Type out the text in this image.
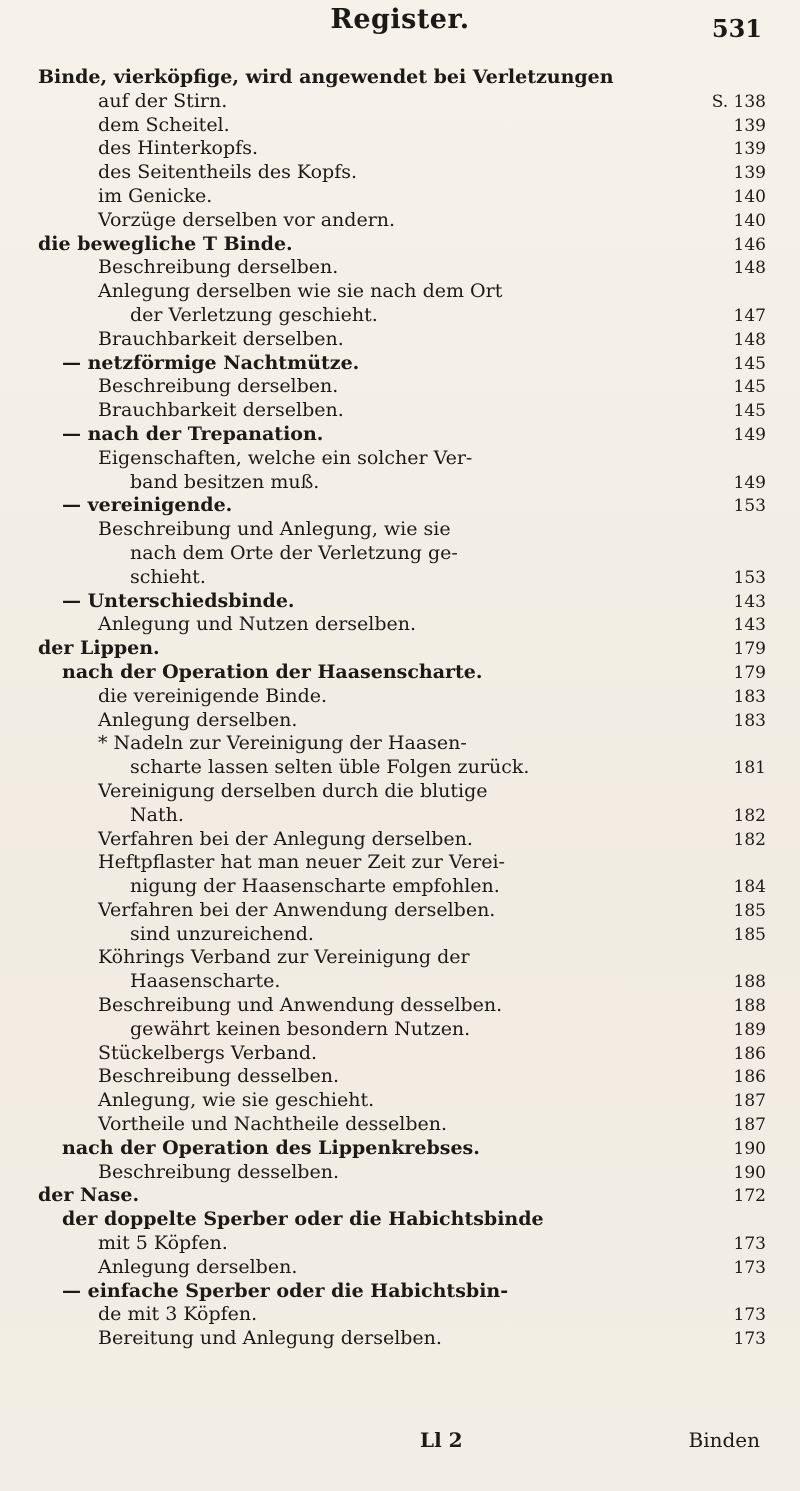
Register.	531
Binde, vierköpfige, wird angewendet bei Verletzungen
auf der Stirn.	S. 138
dem Scheitel.	139
des Hinterkopfs.	139
des Seitentheils des Kopfs.	139
im Genicke.	140
Vorzüge derselben vor andern.	140
die bewegliche T Binde.	146
Beschreibung derselben.	148
Anlegung derselben wie sie nach dem Ort
der Verletzung geschieht.	147
Brauchbarkeit derselben.	148
— netzförmige Nachtmütze.	145
Beschreibung derselben.	145
Brauchbarkeit derselben.	145
— nach der Trepanation.	149
Eigenschaften, welche ein solcher Ver-
band besitzen muß.	149
— vereinigende.	153
Beschreibung und Anlegung, wie sie
nach dem Orte der Verletzung ge-
schieht.	153
— Unterschiedsbinde.	143
Anlegung und Nutzen derselben.	143
der Lippen.	179
nach der Operation der Haasenscharte.	179
die vereinigende Binde.	183
Anlegung derselben.	183
* Nadeln zur Vereinigung der Haasen-
scharte lassen selten üble Folgen zurück.	181
Vereinigung derselben durch die blutige
Nath.	182
Verfahren bei der Anlegung derselben.	182
Heftpflaster hat man neuer Zeit zur Verei-
nigung der Haasenscharte empfohlen.	184
Verfahren bei der Anwendung derselben.	185
sind unzureichend.	185
Köhrings Verband zur Vereinigung der
Haasenscharte.	188
Beschreibung und Anwendung desselben.	188
gewährt keinen besondern Nutzen.	189
Stückelbergs Verband.	186
Beschreibung desselben.	186
Anlegung, wie sie geschieht.	187
Vortheile und Nachtheile desselben.	187
nach der Operation des Lippenkrebses.	190
Beschreibung desselben.	190
der Nase.	172
der doppelte Sperber oder die Habichtsbinde
mit 5 Köpfen.	173
Anlegung derselben.	173
— einfache Sperber oder die Habichtsbin-
de mit 3 Köpfen.	173
Bereitung und Anlegung derselben.	173
Ll 2	Binden
